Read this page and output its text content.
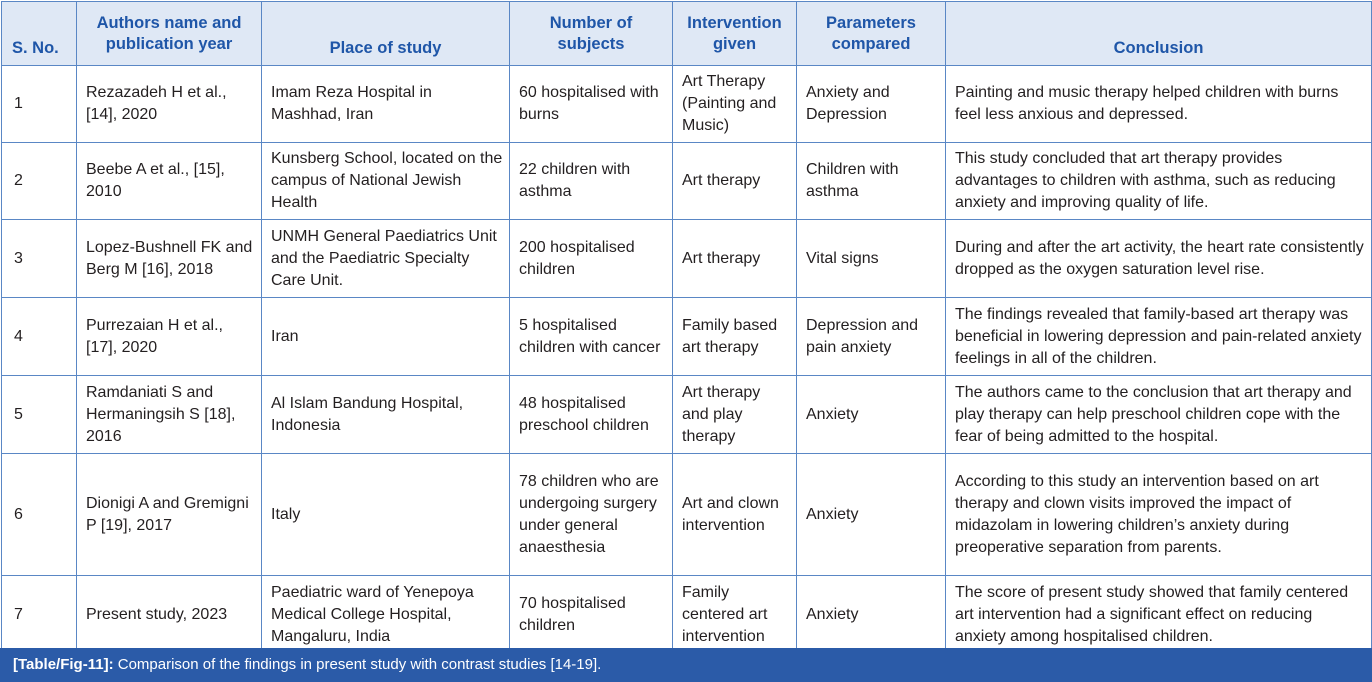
S. No.	Authors name and publication year	Place of study	Number of subjects	Intervention given	Parameters compared	Conclusion
1	Rezazadeh H et al., [14], 2020	Imam Reza Hospital in Mashhad, Iran	60 hospitalised with burns	Art Therapy (Painting and Music)	Anxiety and Depression	Painting and music therapy helped children with burns feel less anxious and depressed.
2	Beebe A et al., [15], 2010	Kunsberg School, located on the campus of National Jewish Health	22 children with asthma	Art therapy	Children with asthma	This study concluded that art therapy provides advantages to children with asthma, such as reducing anxiety and improving quality of life.
3	Lopez-Bushnell FK and Berg M [16], 2018	UNMH General Paediatrics Unit and the Paediatric Specialty Care Unit.	200 hospitalised children	Art therapy	Vital signs	During and after the art activity, the heart rate consistently dropped as the oxygen saturation level rise.
4	Purrezaian H et al., [17], 2020	Iran	5 hospitalised children with cancer	Family based art therapy	Depression and pain anxiety	The findings revealed that family-based art therapy was beneficial in lowering depression and pain-related anxiety feelings in all of the children.
5	Ramdaniati S and Hermaningsih S [18], 2016	Al Islam Bandung Hospital, Indonesia	48 hospitalised preschool children	Art therapy and play therapy	Anxiety	The authors came to the conclusion that art therapy and play therapy can help preschool children cope with the fear of being admitted to the hospital.
6	Dionigi A and Gremigni P [19], 2017	Italy	78 children who are undergoing surgery under general anaesthesia	Art and clown intervention	Anxiety	According to this study an intervention based on art therapy and clown visits improved the impact of midazolam in lowering children’s anxiety during preoperative separation from parents.
7	Present study, 2023	Paediatric ward of Yenepoya Medical College Hospital, Mangaluru, India	70 hospitalised children	Family centered art intervention	Anxiety	The score of present study showed that family centered art intervention had a significant effect on reducing anxiety among hospitalised children.
[Table/Fig-11]: Comparison of the findings in present study with contrast studies [14-19].
